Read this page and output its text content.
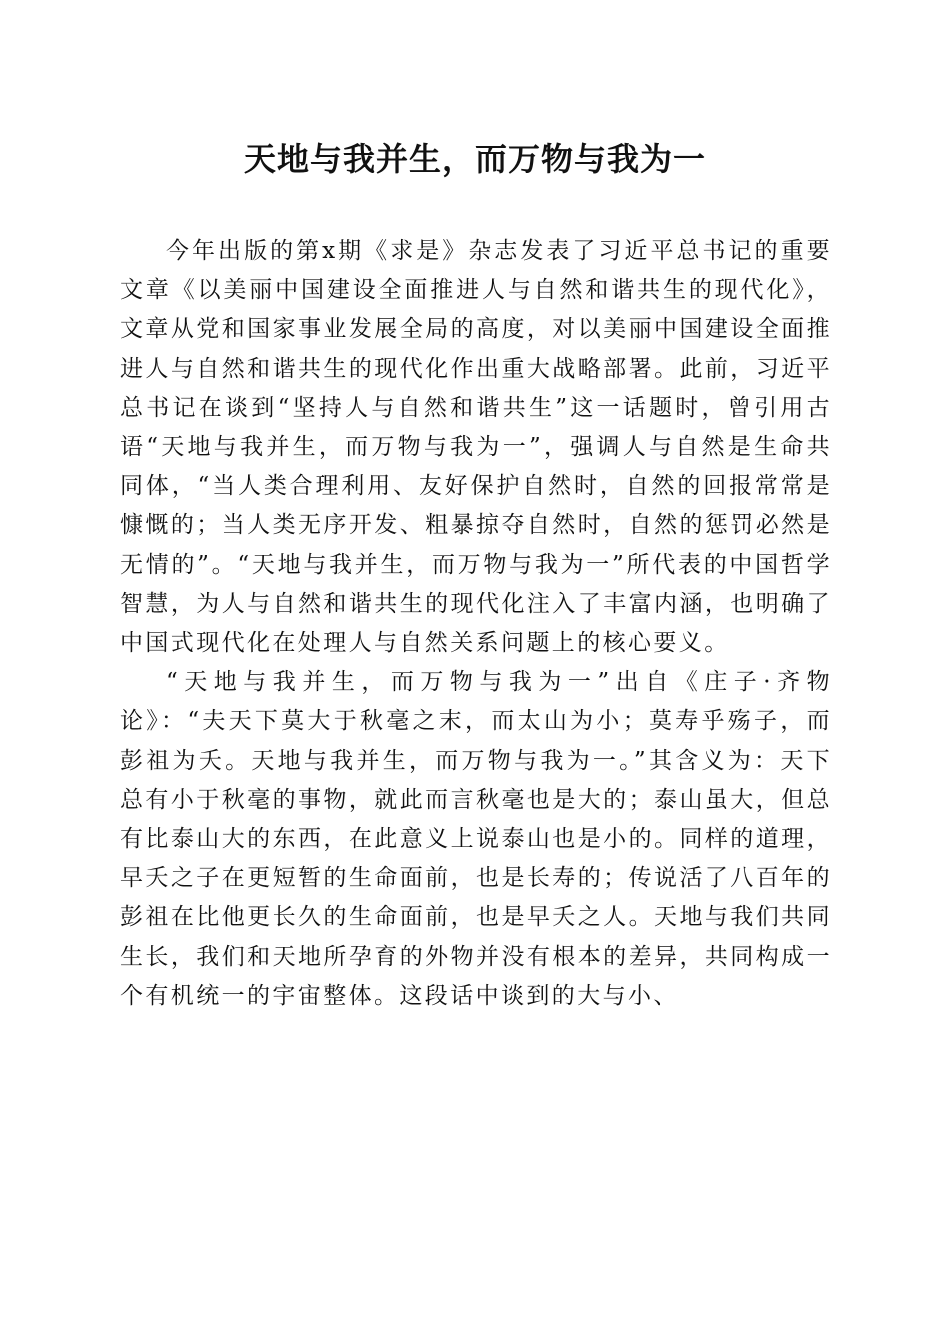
天地与我并生，而万物与我为一

今年出版的第x期《求是》杂志发表了习近平总书记的重要文章《以美丽中国建设全面推进人与自然和谐共生的现代化》，文章从党和国家事业发展全局的高度，对以美丽中国建设全面推进人与自然和谐共生的现代化作出重大战略部署。此前，习近平总书记在谈到“坚持人与自然和谐共生”这一话题时，曾引用古语“天地与我并生，而万物与我为一”，强调人与自然是生命共同体，“当人类合理利用、友好保护自然时，自然的回报常常是慷慨的；当人类无序开发、粗暴掠夺自然时，自然的惩罚必然是无情的”。“天地与我并生，而万物与我为一”所代表的中国哲学智慧，为人与自然和谐共生的现代化注入了丰富内涵，也明确了中国式现代化在处理人与自然关系问题上的核心要义。

“天地与我并生，而万物与我为一”出自《庄子·齐物论》：“夫天下莫大于秋毫之末，而太山为小；莫寿乎殇子，而彭祖为夭。天地与我并生，而万物与我为一。”其含义为：天下总有小于秋毫的事物，就此而言秋毫也是大的；泰山虽大，但总有比泰山大的东西，在此意义上说泰山也是小的。同样的道理，早夭之子在更短暂的生命面前，也是长寿的；传说活了八百年的彭祖在比他更长久的生命面前，也是早夭之人。天地与我们共同生长，我们和天地所孕育的外物并没有根本的差异，共同构成一个有机统一的宇宙整体。这段话中谈到的大与小、
